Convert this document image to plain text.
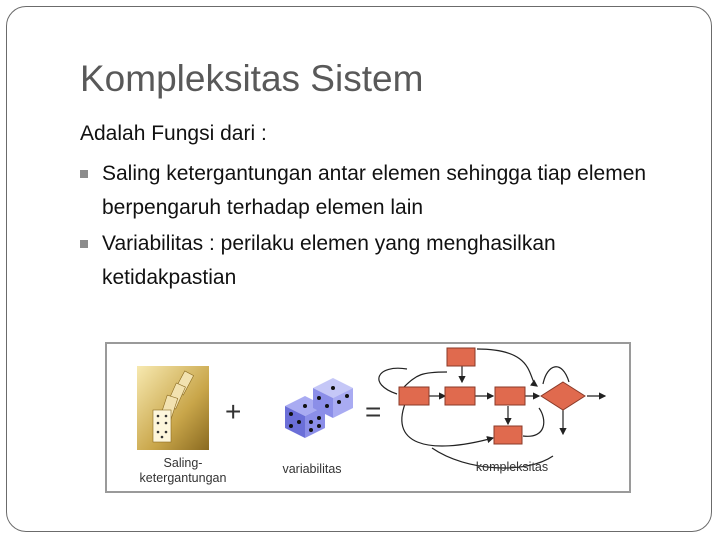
Kompleksitas Sistem
Adalah Fungsi dari :
Saling ketergantungan antar elemen sehingga tiap elemen berpengaruh terhadap elemen lain
Variabilitas : perilaku elemen yang menghasilkan ketidakpastian
+	=
Saling-
ketergantungan
variabilitas	kompleksitas
